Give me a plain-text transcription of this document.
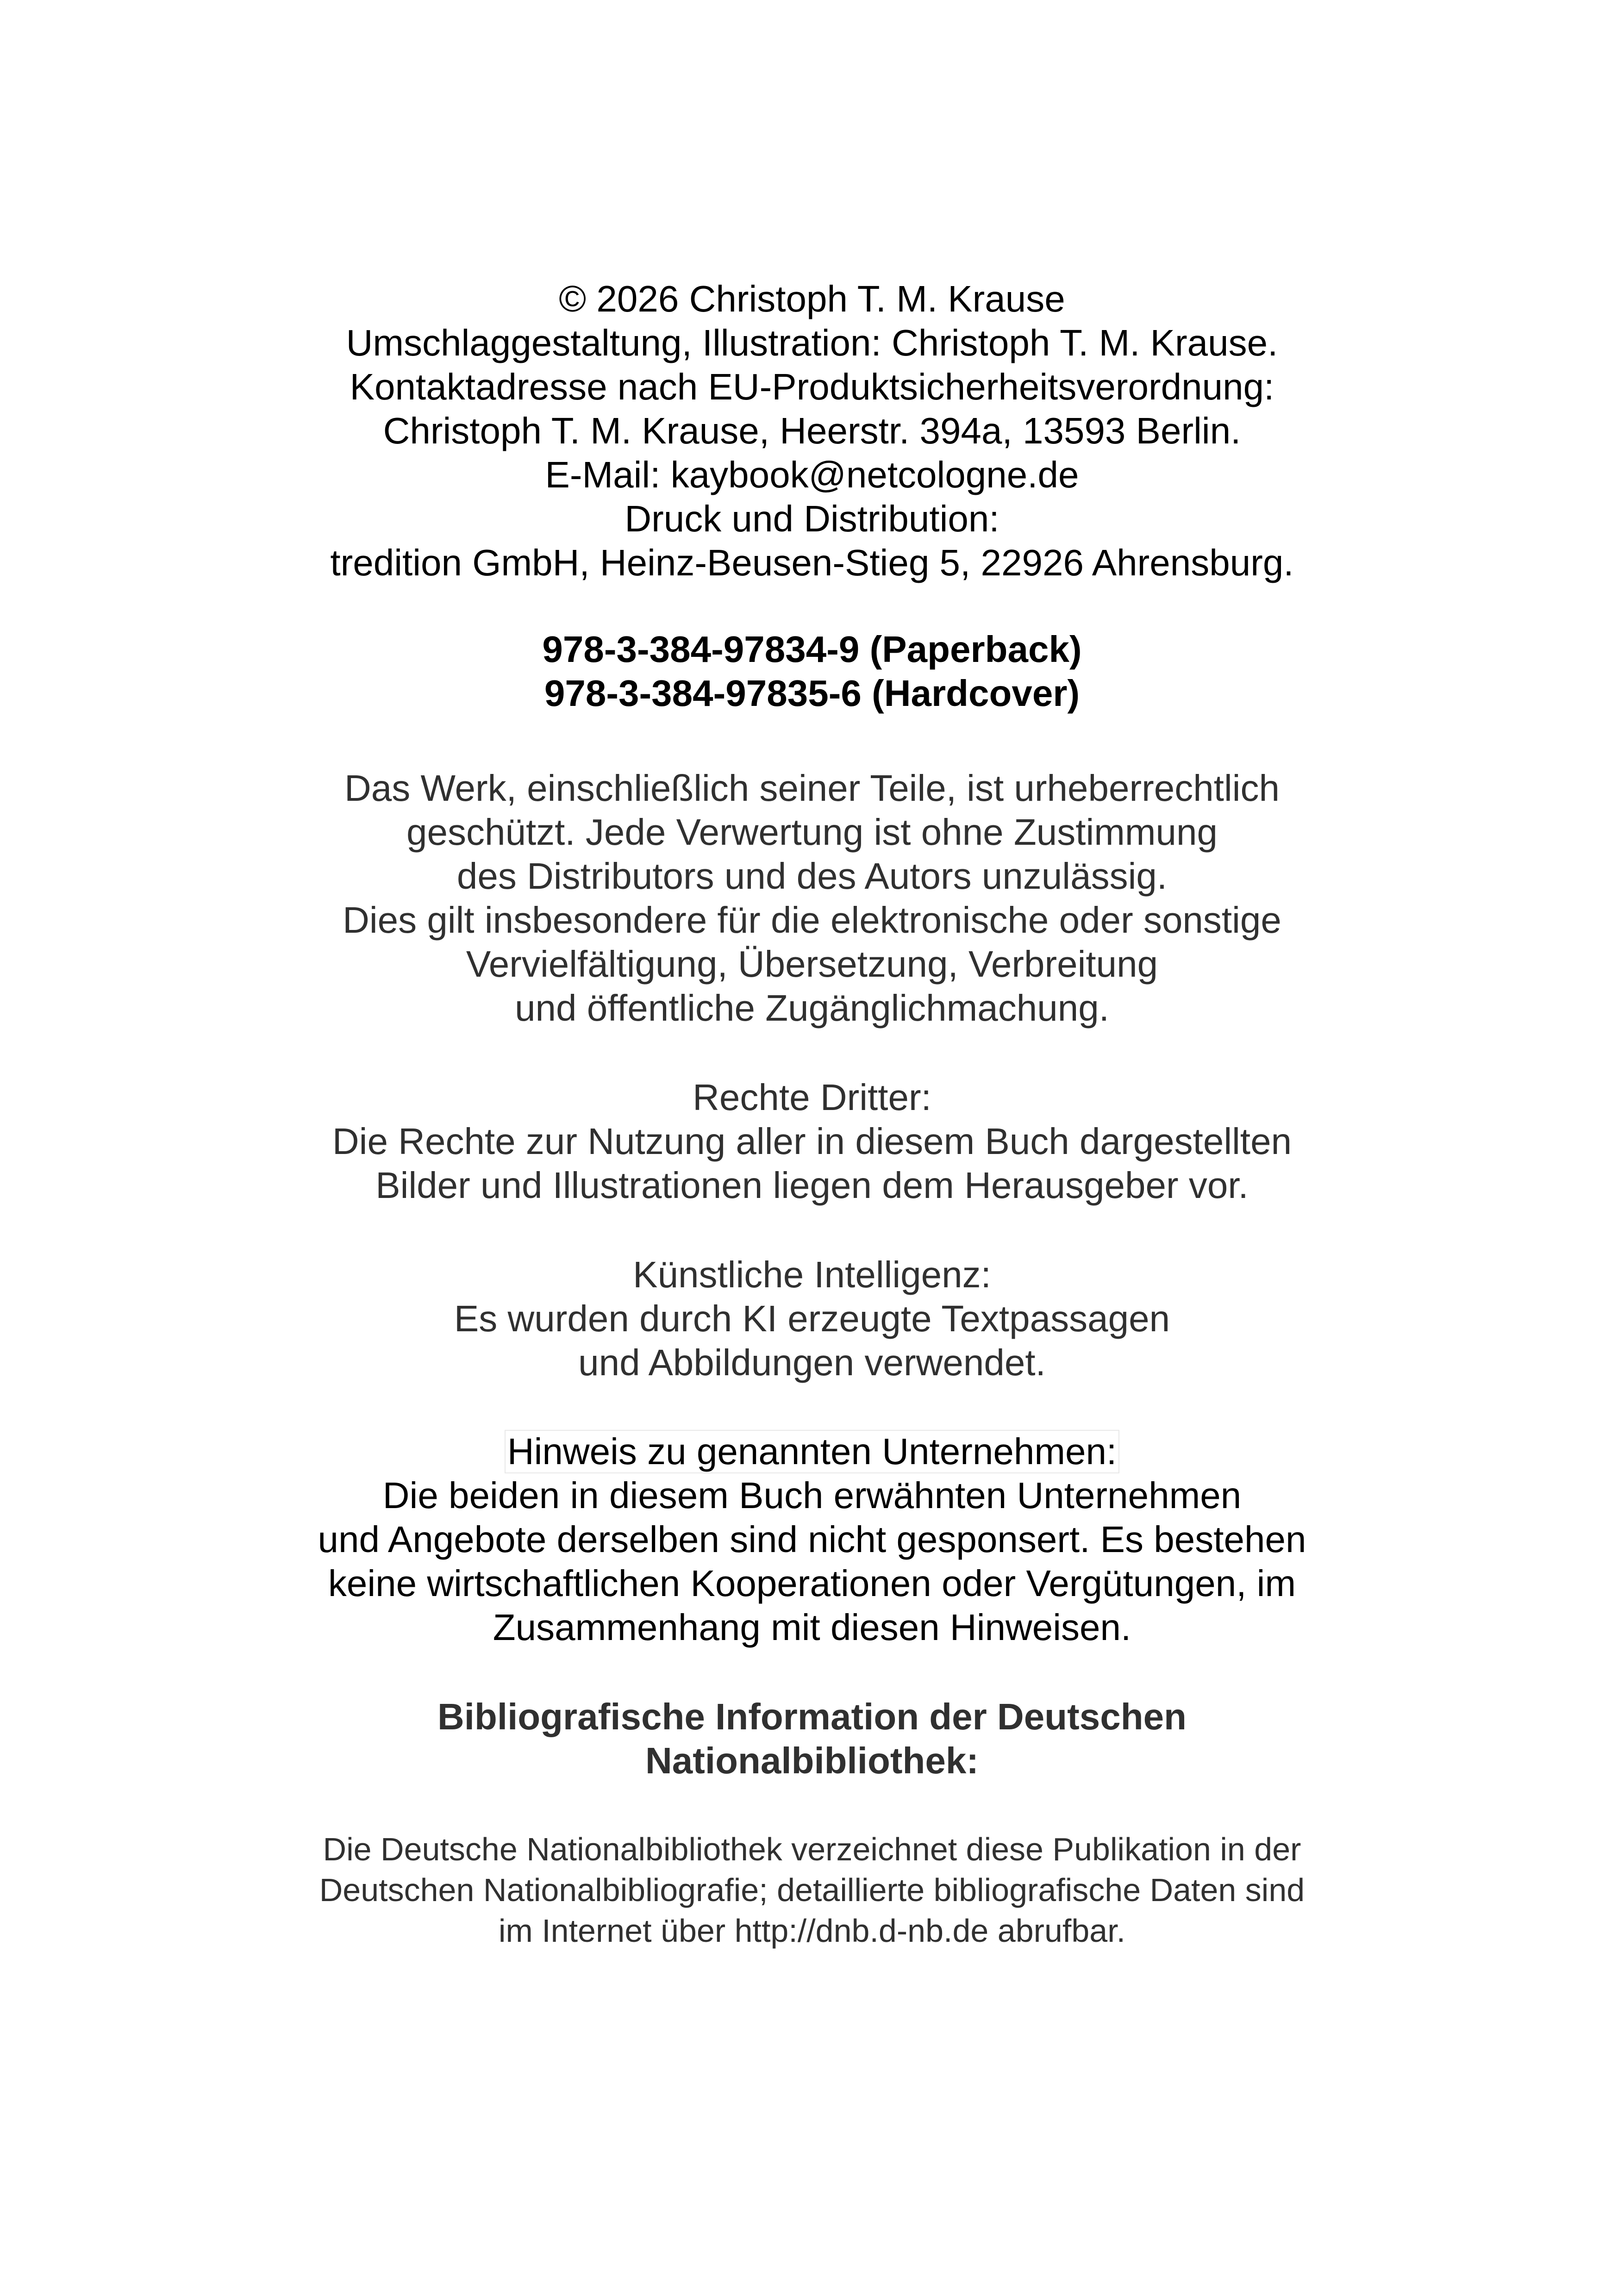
© 2026 Christoph T. M. Krause
Umschlaggestaltung, Illustration: Christoph T. M. Krause.
Kontaktadresse nach EU-Produktsicherheitsverordnung:
Christoph T. M. Krause, Heerstr. 394a, 13593 Berlin.
E-Mail: kaybook@netcologne.de
Druck und Distribution:
tredition GmbH, Heinz-Beusen-Stieg 5, 22926 Ahrensburg.
978-3-384-97834-9 (Paperback)
978-3-384-97835-6 (Hardcover)
Das Werk, einschließlich seiner Teile, ist urheberrechtlich
geschützt. Jede Verwertung ist ohne Zustimmung
des Distributors und des Autors unzulässig.
Dies gilt insbesondere für die elektronische oder sonstige
Vervielfältigung, Übersetzung, Verbreitung
und öffentliche Zugänglichmachung.
Rechte Dritter:
Die Rechte zur Nutzung aller in diesem Buch dargestellten
Bilder und Illustrationen liegen dem Herausgeber vor.
Künstliche Intelligenz:
Es wurden durch KI erzeugte Textpassagen
und Abbildungen verwendet.
Hinweis zu genannten Unternehmen:
Die beiden in diesem Buch erwähnten Unternehmen
und Angebote derselben sind nicht gesponsert. Es bestehen
keine wirtschaftlichen Kooperationen oder Vergütungen, im
Zusammenhang mit diesen Hinweisen.
Bibliografische Information der Deutschen
Nationalbibliothek:
Die Deutsche Nationalbibliothek verzeichnet diese Publikation in der
Deutschen Nationalbibliografie; detaillierte bibliografische Daten sind
im Internet über http://dnb.d-nb.de abrufbar.
